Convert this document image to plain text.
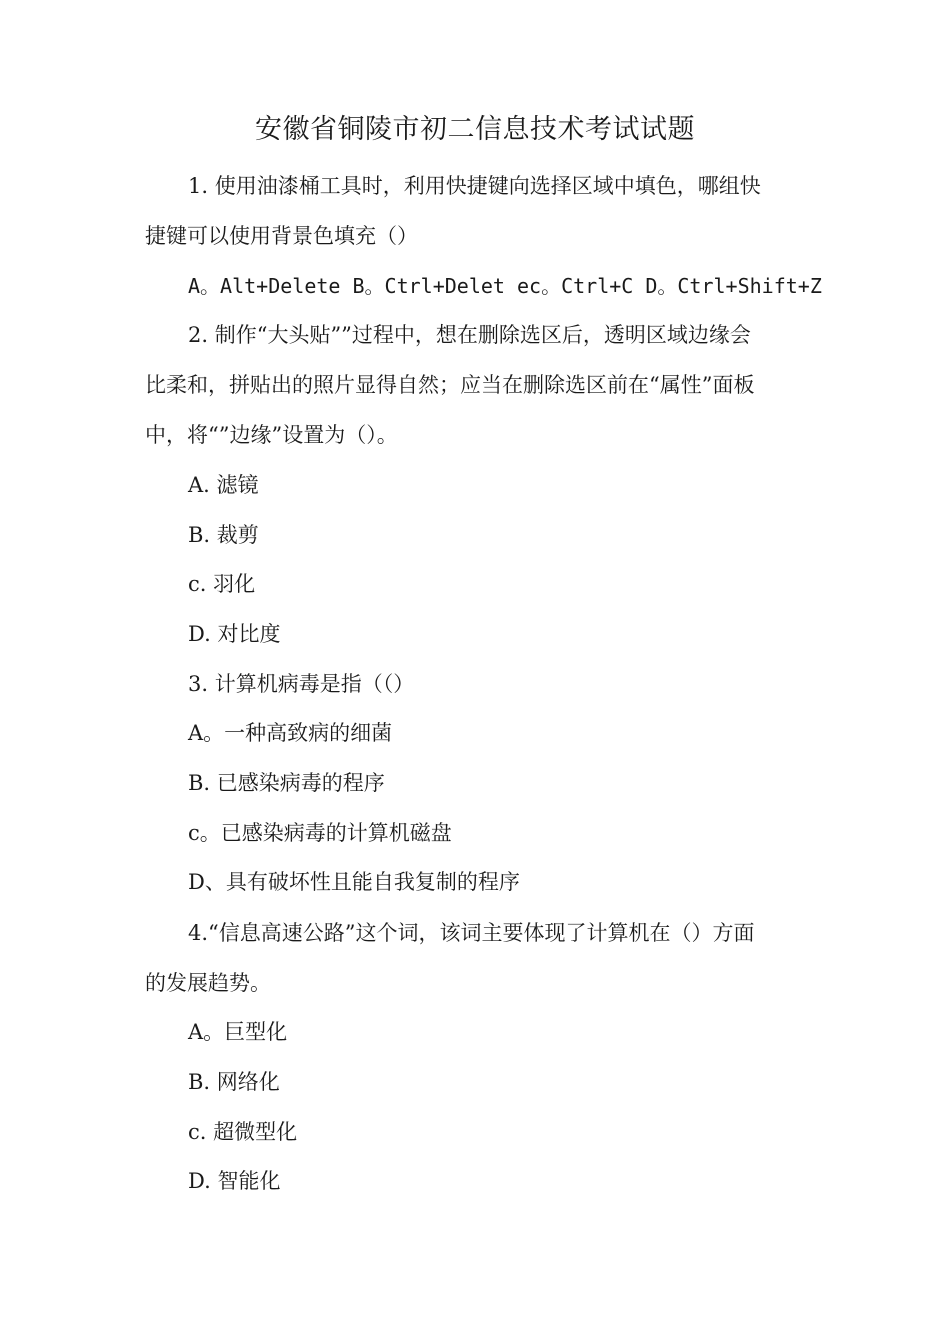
安徽省铜陵市初二信息技术考试试题
1. 使用油漆桶工具时，利用快捷键向选择区域中填色，哪组快
捷键可以使用背景色填充（）
A。Alt+Delete B。Ctrl+Delet ec。Ctrl+C D。Ctrl+Shift+Z
2. 制作“大头贴””过程中，想在删除选区后，透明区域边缘会
比柔和，拼贴出的照片显得自然；应当在删除选区前在“属性”面板
中，将“”边缘”设置为（）。
A. 滤镜
B. 裁剪
c. 羽化
D. 对比度
3. 计算机病毒是指（（）
A。一种高致病的细菌
B. 已感染病毒的程序
c。已感染病毒的计算机磁盘
D、具有破坏性且能自我复制的程序
4.“信息高速公路”这个词，该词主要体现了计算机在（）方面
的发展趋势。
A。巨型化
B. 网络化
c. 超微型化
D. 智能化
